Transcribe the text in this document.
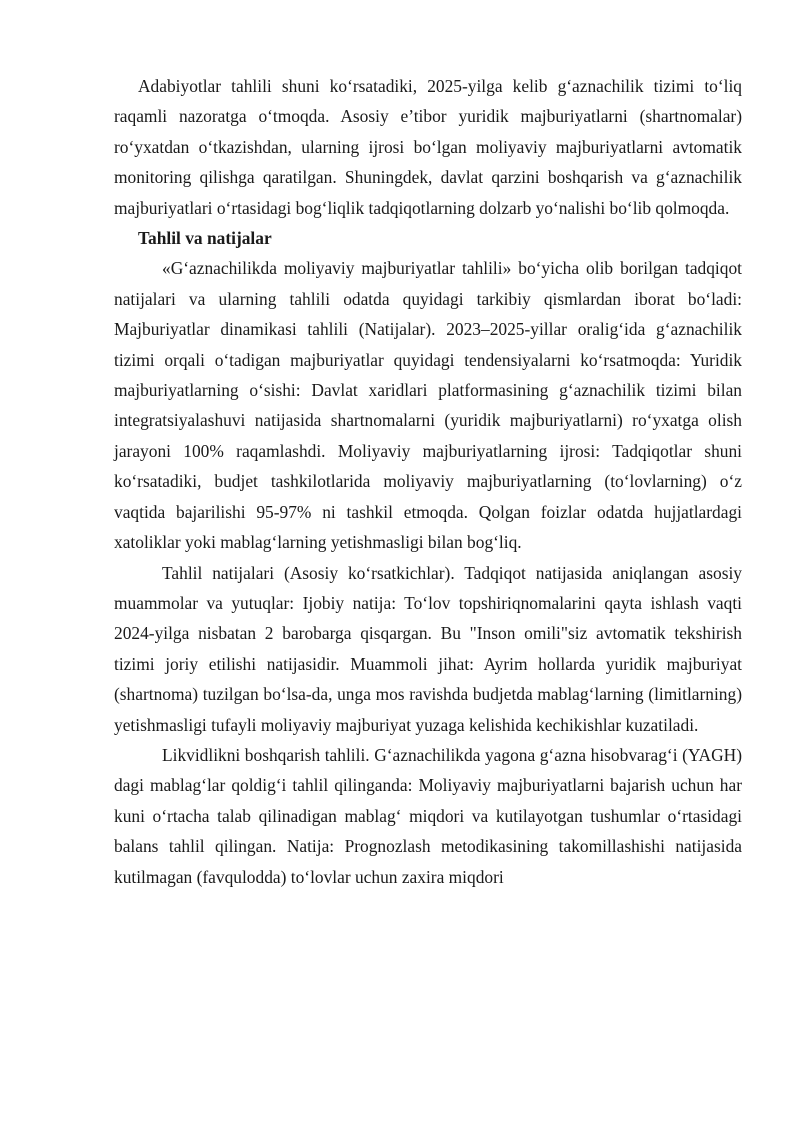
Adabiyotlar tahlili shuni ko‘rsatadiki, 2025-yilga kelib g‘aznachilik tizimi to‘liq raqamli nazoratga o‘tmoqda. Asosiy e’tibor yuridik majburiyatlarni (shartnomalar) ro‘yxatdan o‘tkazishdan, ularning ijrosi bo‘lgan moliyaviy majburiyatlarni avtomatik monitoring qilishga qaratilgan. Shuningdek, davlat qarzini boshqarish va g‘aznachilik majburiyatlari o‘rtasidagi bog‘liqlik tadqiqotlarning dolzarb yo‘nalishi bo‘lib qolmoqda.

Tahlil va natijalar

«G‘aznachilikda moliyaviy majburiyatlar tahlili» bo‘yicha olib borilgan tadqiqot natijalari va ularning tahlili odatda quyidagi tarkibiy qismlardan iborat bo‘ladi: Majburiyatlar dinamikasi tahlili (Natijalar). 2023–2025-yillar oralig‘ida g‘aznachilik tizimi orqali o‘tadigan majburiyatlar quyidagi tendensiyalarni ko‘rsatmoqda: Yuridik majburiyatlarning o‘sishi: Davlat xaridlari platformasining g‘aznachilik tizimi bilan integratsiyalashuvi natijasida shartnomalarni (yuridik majburiyatlarni) ro‘yxatga olish jarayoni 100% raqamlashdi. Moliyaviy majburiyatlarning ijrosi: Tadqiqotlar shuni ko‘rsatadiki, budjet tashkilotlarida moliyaviy majburiyatlarning (to‘lovlarning) o‘z vaqtida bajarilishi 95-97% ni tashkil etmoqda. Qolgan foizlar odatda hujjatlardagi xatoliklar yoki mablag‘larning yetishmasligi bilan bog‘liq.

Tahlil natijalari (Asosiy ko‘rsatkichlar). Tadqiqot natijasida aniqlangan asosiy muammolar va yutuqlar: Ijobiy natija: To‘lov topshiriqnomalarini qayta ishlash vaqti 2024-yilga nisbatan 2 barobarga qisqargan. Bu "Inson omili"siz avtomatik tekshirish tizimi joriy etilishi natijasidir. Muammoli jihat: Ayrim hollarda yuridik majburiyat (shartnoma) tuzilgan bo‘lsa-da, unga mos ravishda budjetda mablag‘larning (limitlarning) yetishmasligi tufayli moliyaviy majburiyat yuzaga kelishida kechikishlar kuzatiladi.

Likvidlikni boshqarish tahlili. G‘aznachilikda yagona g‘azna hisobvarag‘i (YAGH) dagi mablag‘lar qoldig‘i tahlil qilinganda: Moliyaviy majburiyatlarni bajarish uchun har kuni o‘rtacha talab qilinadigan mablag‘ miqdori va kutilayotgan tushumlar o‘rtasidagi balans tahlil qilingan. Natija: Prognozlash metodikasining takomillashishi natijasida kutilmagan (favqulodda) to‘lovlar uchun zaxira miqdori
